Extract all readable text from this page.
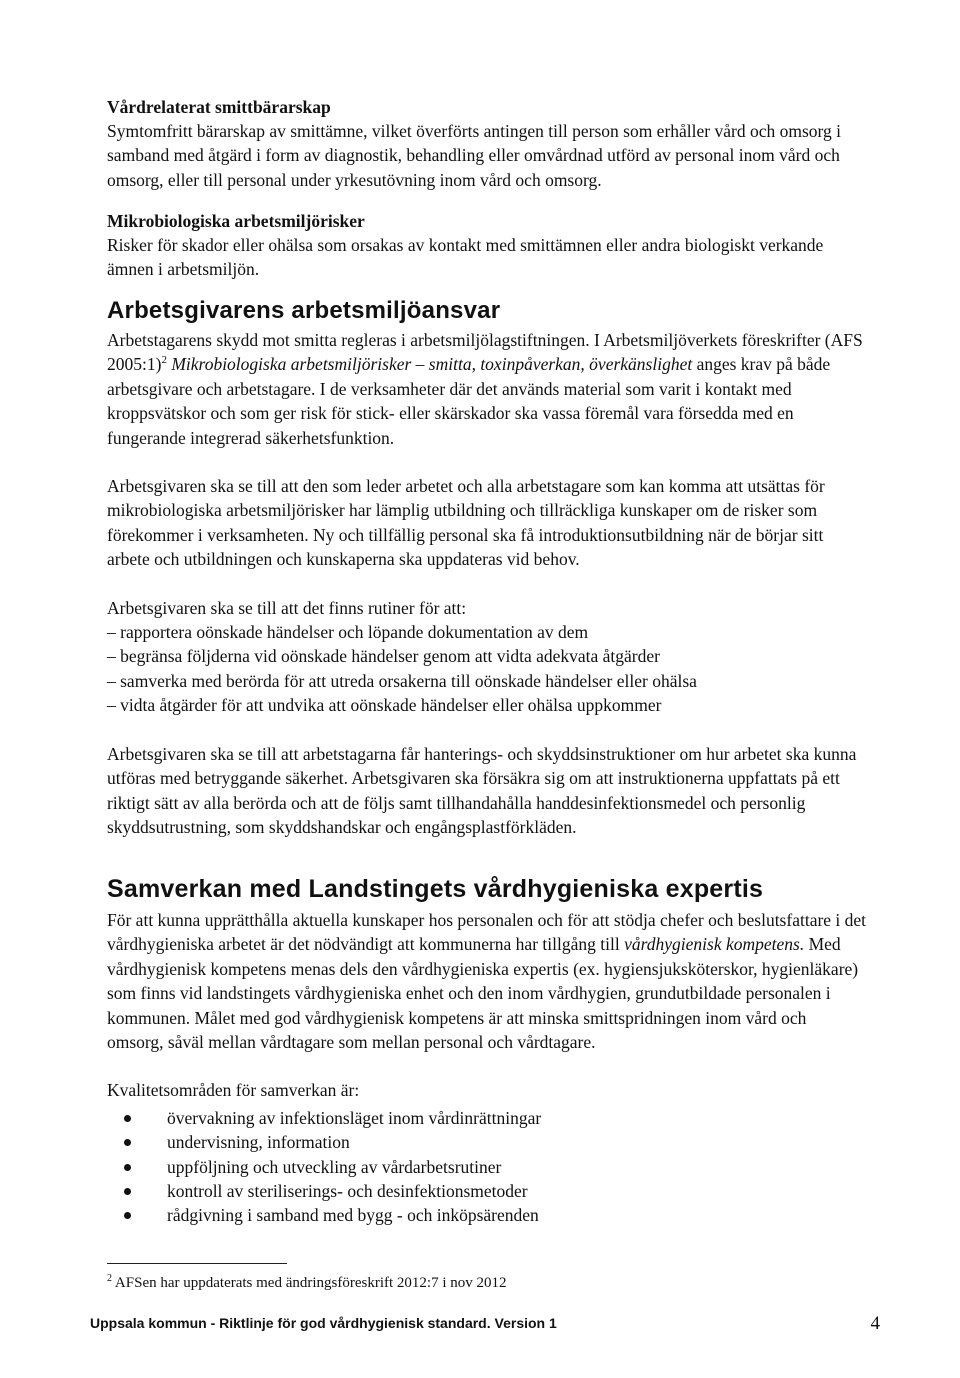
Vårdrelaterat smittbärarskap

Symtomfritt bärarskap av smittämne, vilket överförts antingen till person som erhåller vård och omsorg i samband med åtgärd i form av diagnostik, behandling eller omvårdnad utförd av personal inom vård och omsorg, eller till personal under yrkesutövning inom vård och omsorg.

Mikrobiologiska arbetsmiljörisker

Risker för skador eller ohälsa som orsakas av kontakt med smittämnen eller andra biologiskt verkande ämnen i arbetsmiljön.

Arbetsgivarens arbetsmiljöansvar

Arbetstagarens skydd mot smitta regleras i arbetsmiljölagstiftningen. I Arbetsmiljöverkets föreskrifter (AFS 2005:1)$^2$ Mikrobiologiska arbetsmiljörisker – smitta, toxinpåverkan, överkänslighet anges krav på både arbetsgivare och arbetstagare. I de verksamheter där det används material som varit i kontakt med kroppsvätskor och som ger risk för stick- eller skärskador ska vassa föremål vara försedda med en fungerande integrerad säkerhetsfunktion.

Arbetsgivaren ska se till att den som leder arbetet och alla arbetstagare som kan komma att utsättas för mikrobiologiska arbetsmiljörisker har lämplig utbildning och tillräckliga kunskaper om de risker som förekommer i verksamheten. Ny och tillfällig personal ska få introduktionsutbildning när de börjar sitt arbete och utbildningen och kunskaperna ska uppdateras vid behov.

Arbetsgivaren ska se till att det finns rutiner för att:

– rapportera oönskade händelser och löpande dokumentation av dem
– begränsa följderna vid oönskade händelser genom att vidta adekvata åtgärder
– samverka med berörda för att utreda orsakerna till oönskade händelser eller ohälsa
– vidta åtgärder för att undvika att oönskade händelser eller ohälsa uppkommer

Arbetsgivaren ska se till att arbetstagarna får hanterings- och skyddsinstruktioner om hur arbetet ska kunna utföras med betryggande säkerhet. Arbetsgivaren ska försäkra sig om att instruktionerna uppfattats på ett riktigt sätt av alla berörda och att de följs samt tillhandahålla handdesinfektionsmedel och personlig skyddsutrustning, som skyddshandskar och engångsplastförkläden.

Samverkan med Landstingets vårdhygieniska expertis

För att kunna upprätthålla aktuella kunskaper hos personalen och för att stödja chefer och beslutsfattare i det vårdhygieniska arbetet är det nödvändigt att kommunerna har tillgång till vårdhygienisk kompetens. Med vårdhygienisk kompetens menas dels den vårdhygieniska expertis (ex. hygiensjuksköterskor, hygienläkare) som finns vid landstingets vårdhygieniska enhet och den inom vårdhygien, grundutbildade personalen i kommunen. Målet med god vårdhygienisk kompetens är att minska smittspridningen inom vård och omsorg, såväl mellan vårdtagare som mellan personal och vårdtagare.

Kvalitetsområden för samverkan är:

övervakning av infektionsläget inom vårdinrättningar
undervisning, information
uppföljning och utveckling av vårdarbetsrutiner
kontroll av steriliserings- och desinfektionsmetoder
rådgivning i samband med bygg - och inköpsärenden
$^2$ AFSen har uppdaterats med ändringsföreskrift 2012:7 i nov 2012
Uppsala kommun - Riktlinje för god vårdhygienisk standard. Version 1	4
